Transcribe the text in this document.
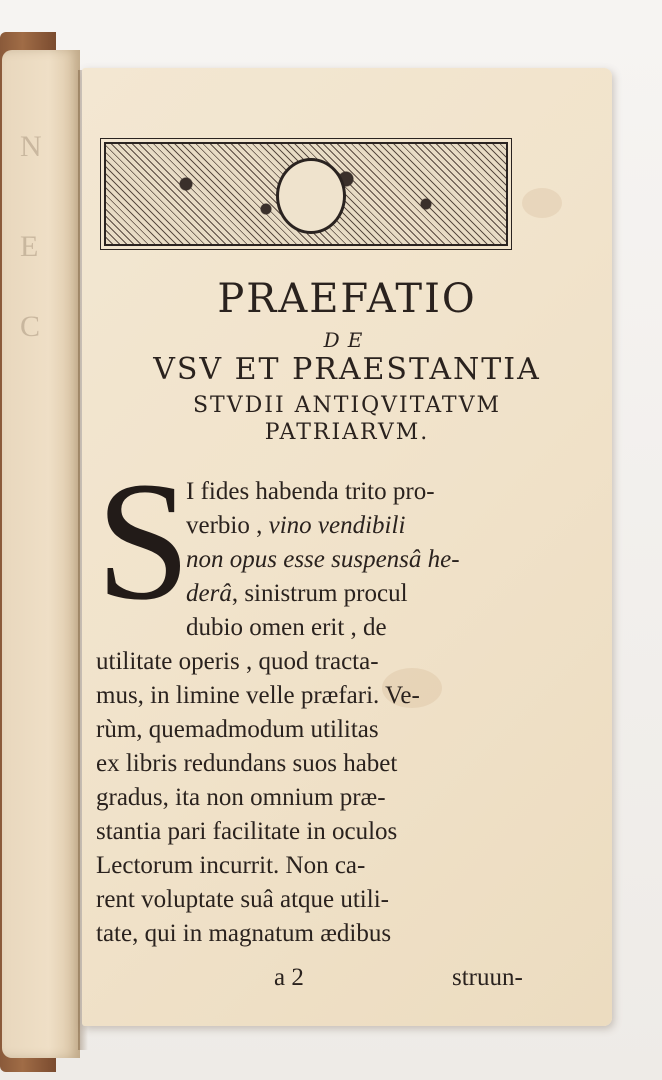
N
E
C
PRAEFATIO
DE
VSV ET PRAESTANTIA
STVDII ANTIQVITATVM
PATRIARVM.
S
I fides habenda trito pro-
verbio , vino vendibili
non opus esse suspensâ he-
derâ, sinistrum procul
dubio omen erit , de
utilitate operis , quod tracta-
mus, in limine velle præfari. Ve-
rùm, quemadmodum utilitas
ex libris redundans suos habet
gradus, ita non omnium præ-
stantia pari facilitate in oculos
Lectorum incurrit. Non ca-
rent voluptate suâ atque utili-
tate, qui in magnatum ædibus
a 2	struun-
